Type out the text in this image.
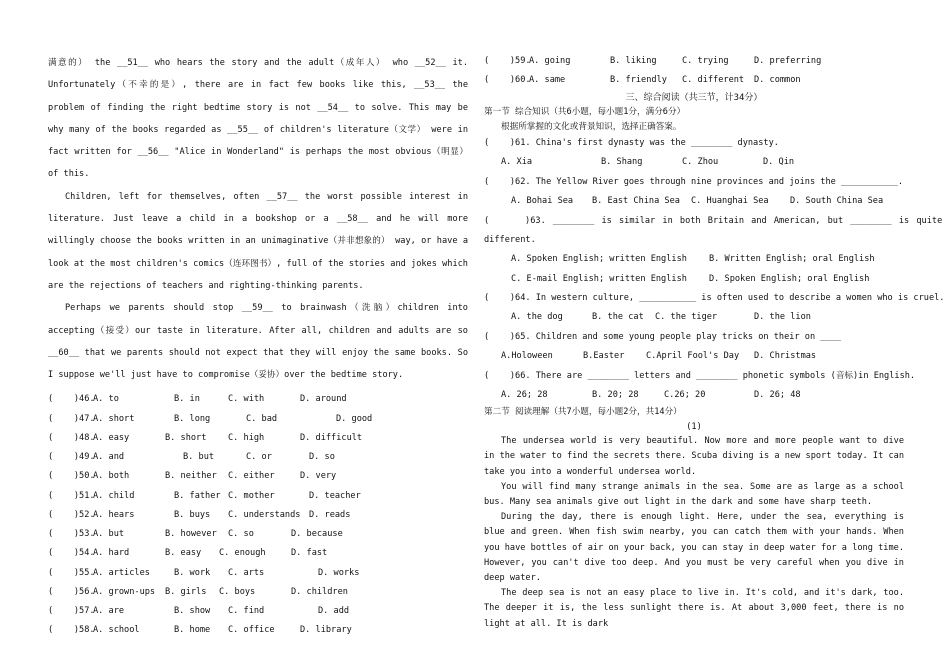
满意的） the __51__ who hears the story and the adult（成年人） who __52__ it. Unfortunately（不幸的是）, there are in fact few books like this, __53__ the problem of finding the right bedtime story is not __54__ to solve. This may be why many of the books regarded as __55__ of children's literature（文学） were in fact written for __56__ "Alice in Wonderland" is perhaps the most obvious（明显）of this.

Children, left for themselves, often __57__ the worst possible interest in literature. Just leave a child in a bookshop or a __58__ and he will more willingly choose the books written in an unimaginative（并非想象的） way, or have a look at the most children's comics（连环图书）, full of the stories and jokes which are the rejections of teachers and righting-thinking parents.

Perhaps we parents should stop __59__ to brainwash（洗脑）children into accepting（接受）our taste in literature. After all, children and adults are so __60__ that we parents should not expect that they will enjoy the same books. So I suppose we'll just have to compromise（妥协）over the bedtime story.

(    )46.
A. to	B. in	C. with	D. around
(    )47.
A. short	B. long	C. bad	D. good
(    )48.
A. easy	B. short	C. high	D. difficult
(    )49.
A. and	B. but	C. or	D. so
(    )50.
A. both	B. neither C. either	D. very
(    )51.
A. child	B. father C. mother	D. teacher
(    )52.
A. hears	B. buys C. understands D. reads
(    )53.
A. but	B. however C. so	D. because
(    )54.
A. hard	B. easy C. enough	D. fast
(    )55.
A. articles	B. work C. arts	D. works
(    )56.
A. grown-ups B. girls C. boys	D. children
(    )57.
A. are	B. show C. find	D. add
(    )58.
A. school	B. home C. office	D. library
(    )59.
A. going	B. liking	C. trying	D. preferring
(    )60.
A. same	B. friendly C. different D. common
三、综合阅读（共三节，计34分）
第一节 综合知识（共6小题，每小题1分，满分6分）
根据所掌握的文化或背景知识，选择正确答案。
(    )61. China's first dynasty was the ________ dynasty.
A. Xia	B. Shang	C. Zhou	D. Qin
(    )62. The Yellow River goes through nine provinces and joins the ___________.
A. Bohai Sea B. East China Sea C. Huanghai Sea D. South China Sea
(     )63. ________ is similar in both Britain and American, but ________ is quite
different.
A. Spoken English; written English	B. Written English; oral English
C. E-mail English; written English	D. Spoken English; oral English
(    )64. In western culture, ___________ is often used to describe a women who is cruel.
A. the dog	B. the cat C. the tiger	D. the lion
(    )65. Children and some young people play tricks on their on ____
A.Holoween	B.Easter	C.April Fool's Day D. Christmas
(    )66. There are ________ letters and ________ phonetic symbols (音标)in English.
A. 26; 28	B. 20; 28	C.26; 20	D. 26; 48
第二节 阅读理解（共7小题，每小题2分，共14分）
(1)

The undersea world is very beautiful. Now more and more people want to dive in the water to find the secrets there. Scuba diving is a new sport today. It can take you into a wonderful undersea world.

You will find many strange animals in the sea. Some are as large as a school bus. Many sea animals give out light in the dark and some have sharp teeth.

During the day, there is enough light. Here, under the sea, everything is blue and green. When fish swim nearby, you can catch them with your hands. When you have bottles of air on your back, you can stay in deep water for a long time. However, you can't dive too deep. And you must be very careful when you dive in deep water.

The deep sea is not an easy place to live in. It's cold, and it's dark, too. The deeper it is, the less sunlight there is. At about 3,000 feet, there is no light at all. It is dark
